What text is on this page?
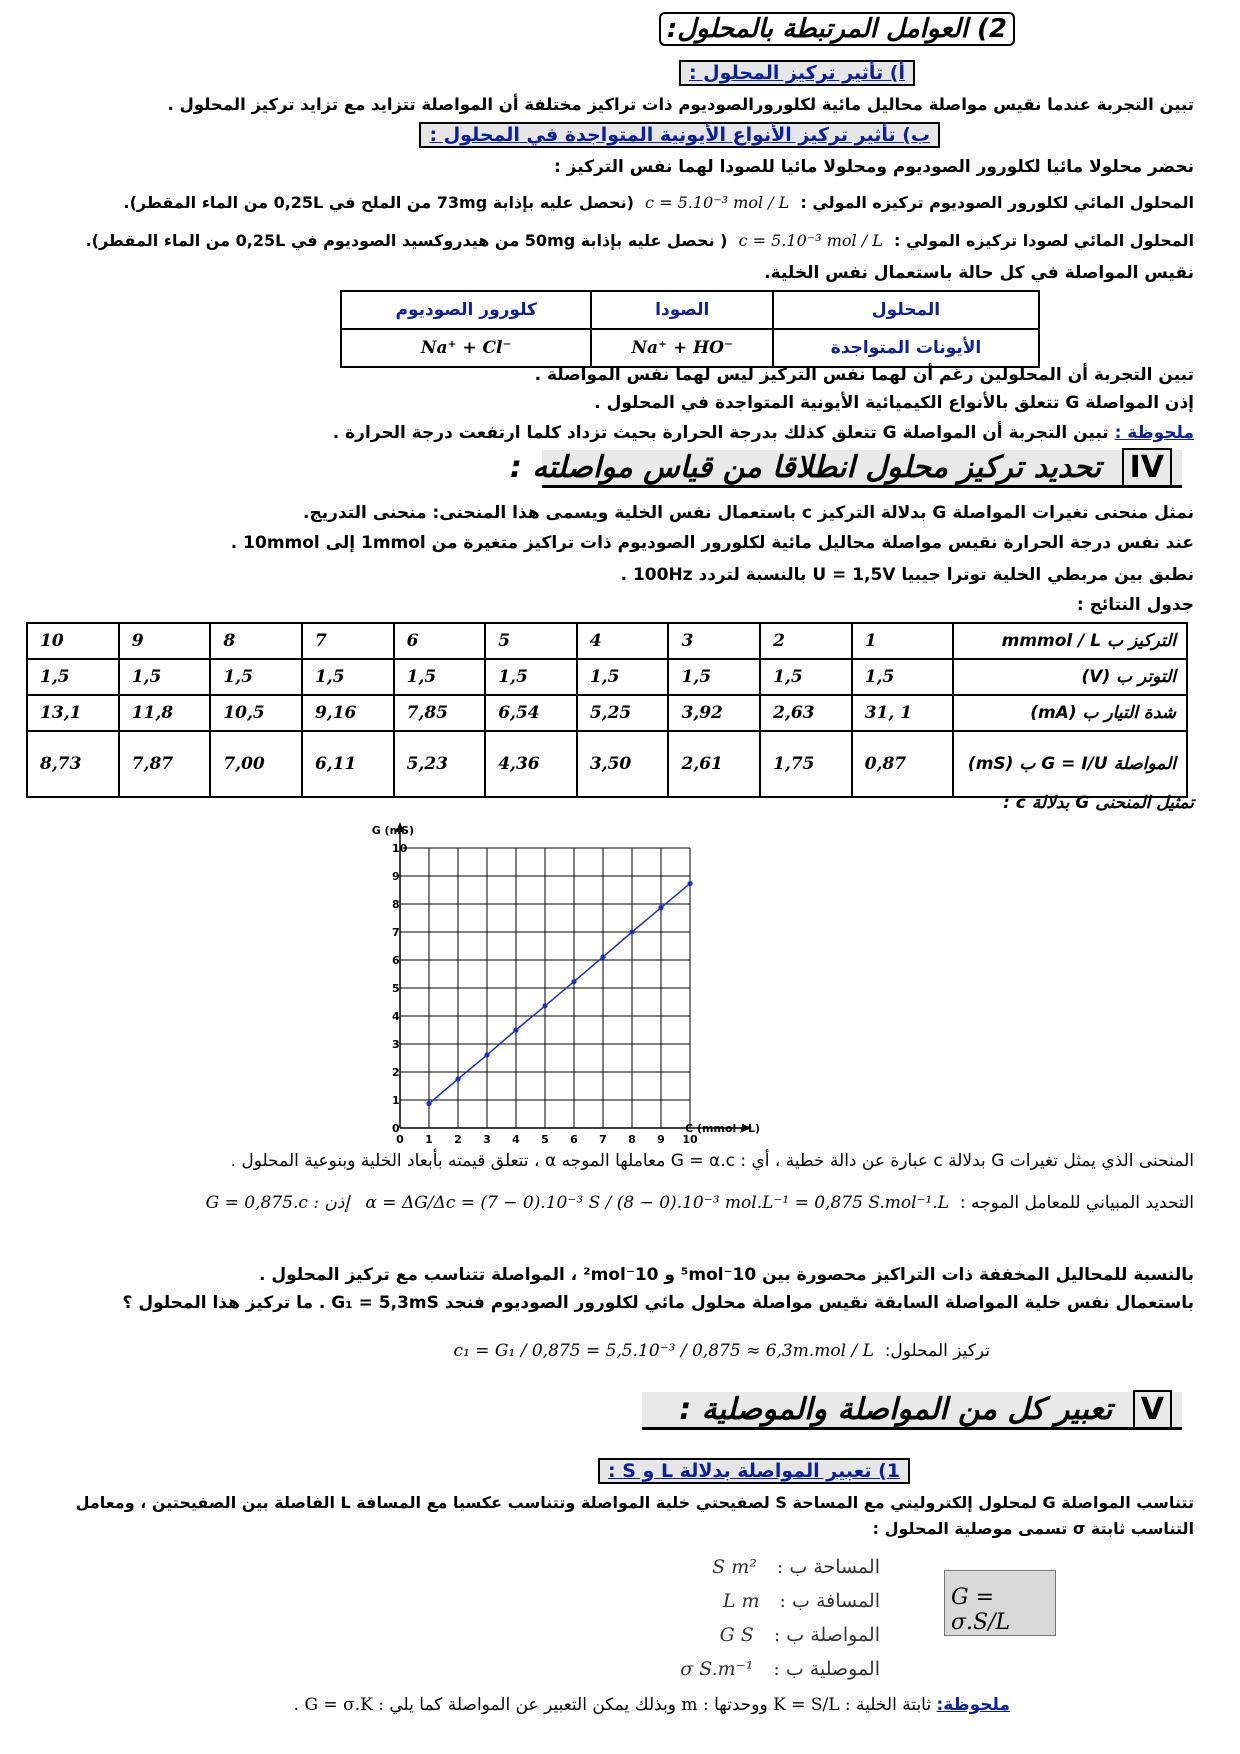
2) العوامل المرتبطة بالمحلول:
أ) تأثير تركيز المحلول :
تبين التجربة عندما نقيس مواصلة محاليل مائية لكلورورالصوديوم ذات تراكيز مختلفة أن المواصلة تتزايد مع تزايد تركيز المحلول .
ب) تأثير تركيز الأنواع الأيونية المتواجدة في المحلول :
نحضر محلولا مائيا لكلورور الصوديوم ومحلولا مائيا للصودا لهما نفس التركيز :
المحلول المائي لكلورور الصوديوم تركيزه المولي :  c = 5.10⁻³ mol / L  (نحصل عليه بإذابة 73mg من الملح في 0,25L من الماء المقطر).
المحلول المائي لصودا تركيزه المولي :  c = 5.10⁻³ mol / L  ( نحصل عليه بإذابة 50mg من هيدروكسيد الصوديوم في 0,25L من الماء المقطر).
نقيس المواصلة في كل حالة باستعمال نفس الخلية.
المحلول	الصودا	كلورور الصوديوم
الأيونات المتواجدة	Na⁺ + HO⁻	Na⁺ + Cl⁻
تبين التجربة أن المحلولين رغم أن لهما نفس التركيز ليس لهما نفس المواصلة .
إذن المواصلة G تتعلق بالأنواع الكيميائية الأيونية المتواجدة في المحلول .
ملحوظة : تبين التجربة أن المواصلة G تتعلق كذلك بدرجة الحرارة بحيث تزداد كلما ارتفعت درجة الحرارة .
IV تحديد تركيز محلول انطلاقا من قياس مواصلته :
نمثل منحنى تغيرات المواصلة G بدلالة التركيز c باستعمال نفس الخلية ويسمى هذا المنحنى: منحنى التدريج.
عند نفس درجة الحرارة نقيس مواصلة محاليل مائية لكلورور الصوديوم ذات تراكيز متغيرة من 1mmol إلى 10mmol .
نطبق بين مربطي الخلية توترا جيبيا U = 1,5V بالنسبة لتردد 100Hz .
جدول النتائج :
التركيز ب mmmol / L	1	2	3	4	5	6	7	8	9	10
التوتر ب (V)	1,5	1,5	1,5	1,5	1,5	1,5	1,5	1,5	1,5	1,5
شدة التيار ب (mA)	1 ,31	2,63	3,92	5,25	6,54	7,85	9,16	10,5	11,8	13,1
المواصلة G = I/U ب (mS)	0,87	1,75	2,61	3,50	4,36	5,23	6,11	7,00	7,87	8,73
تمثيل المنحنى G بدلالة c :
0 1 2 3 4 5 6 7 8 9 10
0
1
2
3
4
5
6
7
8
9
10
C (mmol / L)
G (mS)
المنحنى الذي يمثل تغيرات G بدلالة c عبارة عن دالة خطية ، أي : G = α.c معاملها الموجه α ، تتعلق قيمته بأبعاد الخلية وبنوعية المحلول .
التحديد المبياني للمعامل الموجه :  α = ΔG/Δc = (7 − 0).10⁻³ S / (8 − 0).10⁻³ mol.L⁻¹ = 0,875 S.mol⁻¹.L   إذن : G = 0,875.c
بالنسبة للمحاليل المخففة ذات التراكيز محصورة بين 10⁻⁵mol و 10⁻²mol ، المواصلة تتناسب مع تركيز المحلول .
باستعمال نفس خلية المواصلة السابقة نقيس مواصلة محلول مائي لكلورور الصوديوم فنجد G₁ = 5,3mS . ما تركيز هذا المحلول ؟
تركيز المحلول:  c₁ = G₁ / 0,875 = 5,5.10⁻³ / 0,875 ≈ 6,3m.mol / L
V تعبير كل من المواصلة والموصلية :
1) تعبير المواصلة بدلالة L و S :
تتناسب المواصلة G لمحلول إلكتروليتي مع المساحة S لصفيحتي خلية المواصلة وتتناسب عكسيا مع المسافة L الفاصلة بين الصفيحتين ، ومعامل
التناسب ثابتة σ تسمى موصلية المحلول :
المساحة ب : S m²
المسافة ب : L m
المواصلة ب : G S
الموصلية ب : σ S.m⁻¹
G = σ.S/L
ملحوظة: ثابتة الخلية : K = S/L ووحدتها : m وبذلك يمكن التعبير عن المواصلة كما يلي : G = σ.K .
